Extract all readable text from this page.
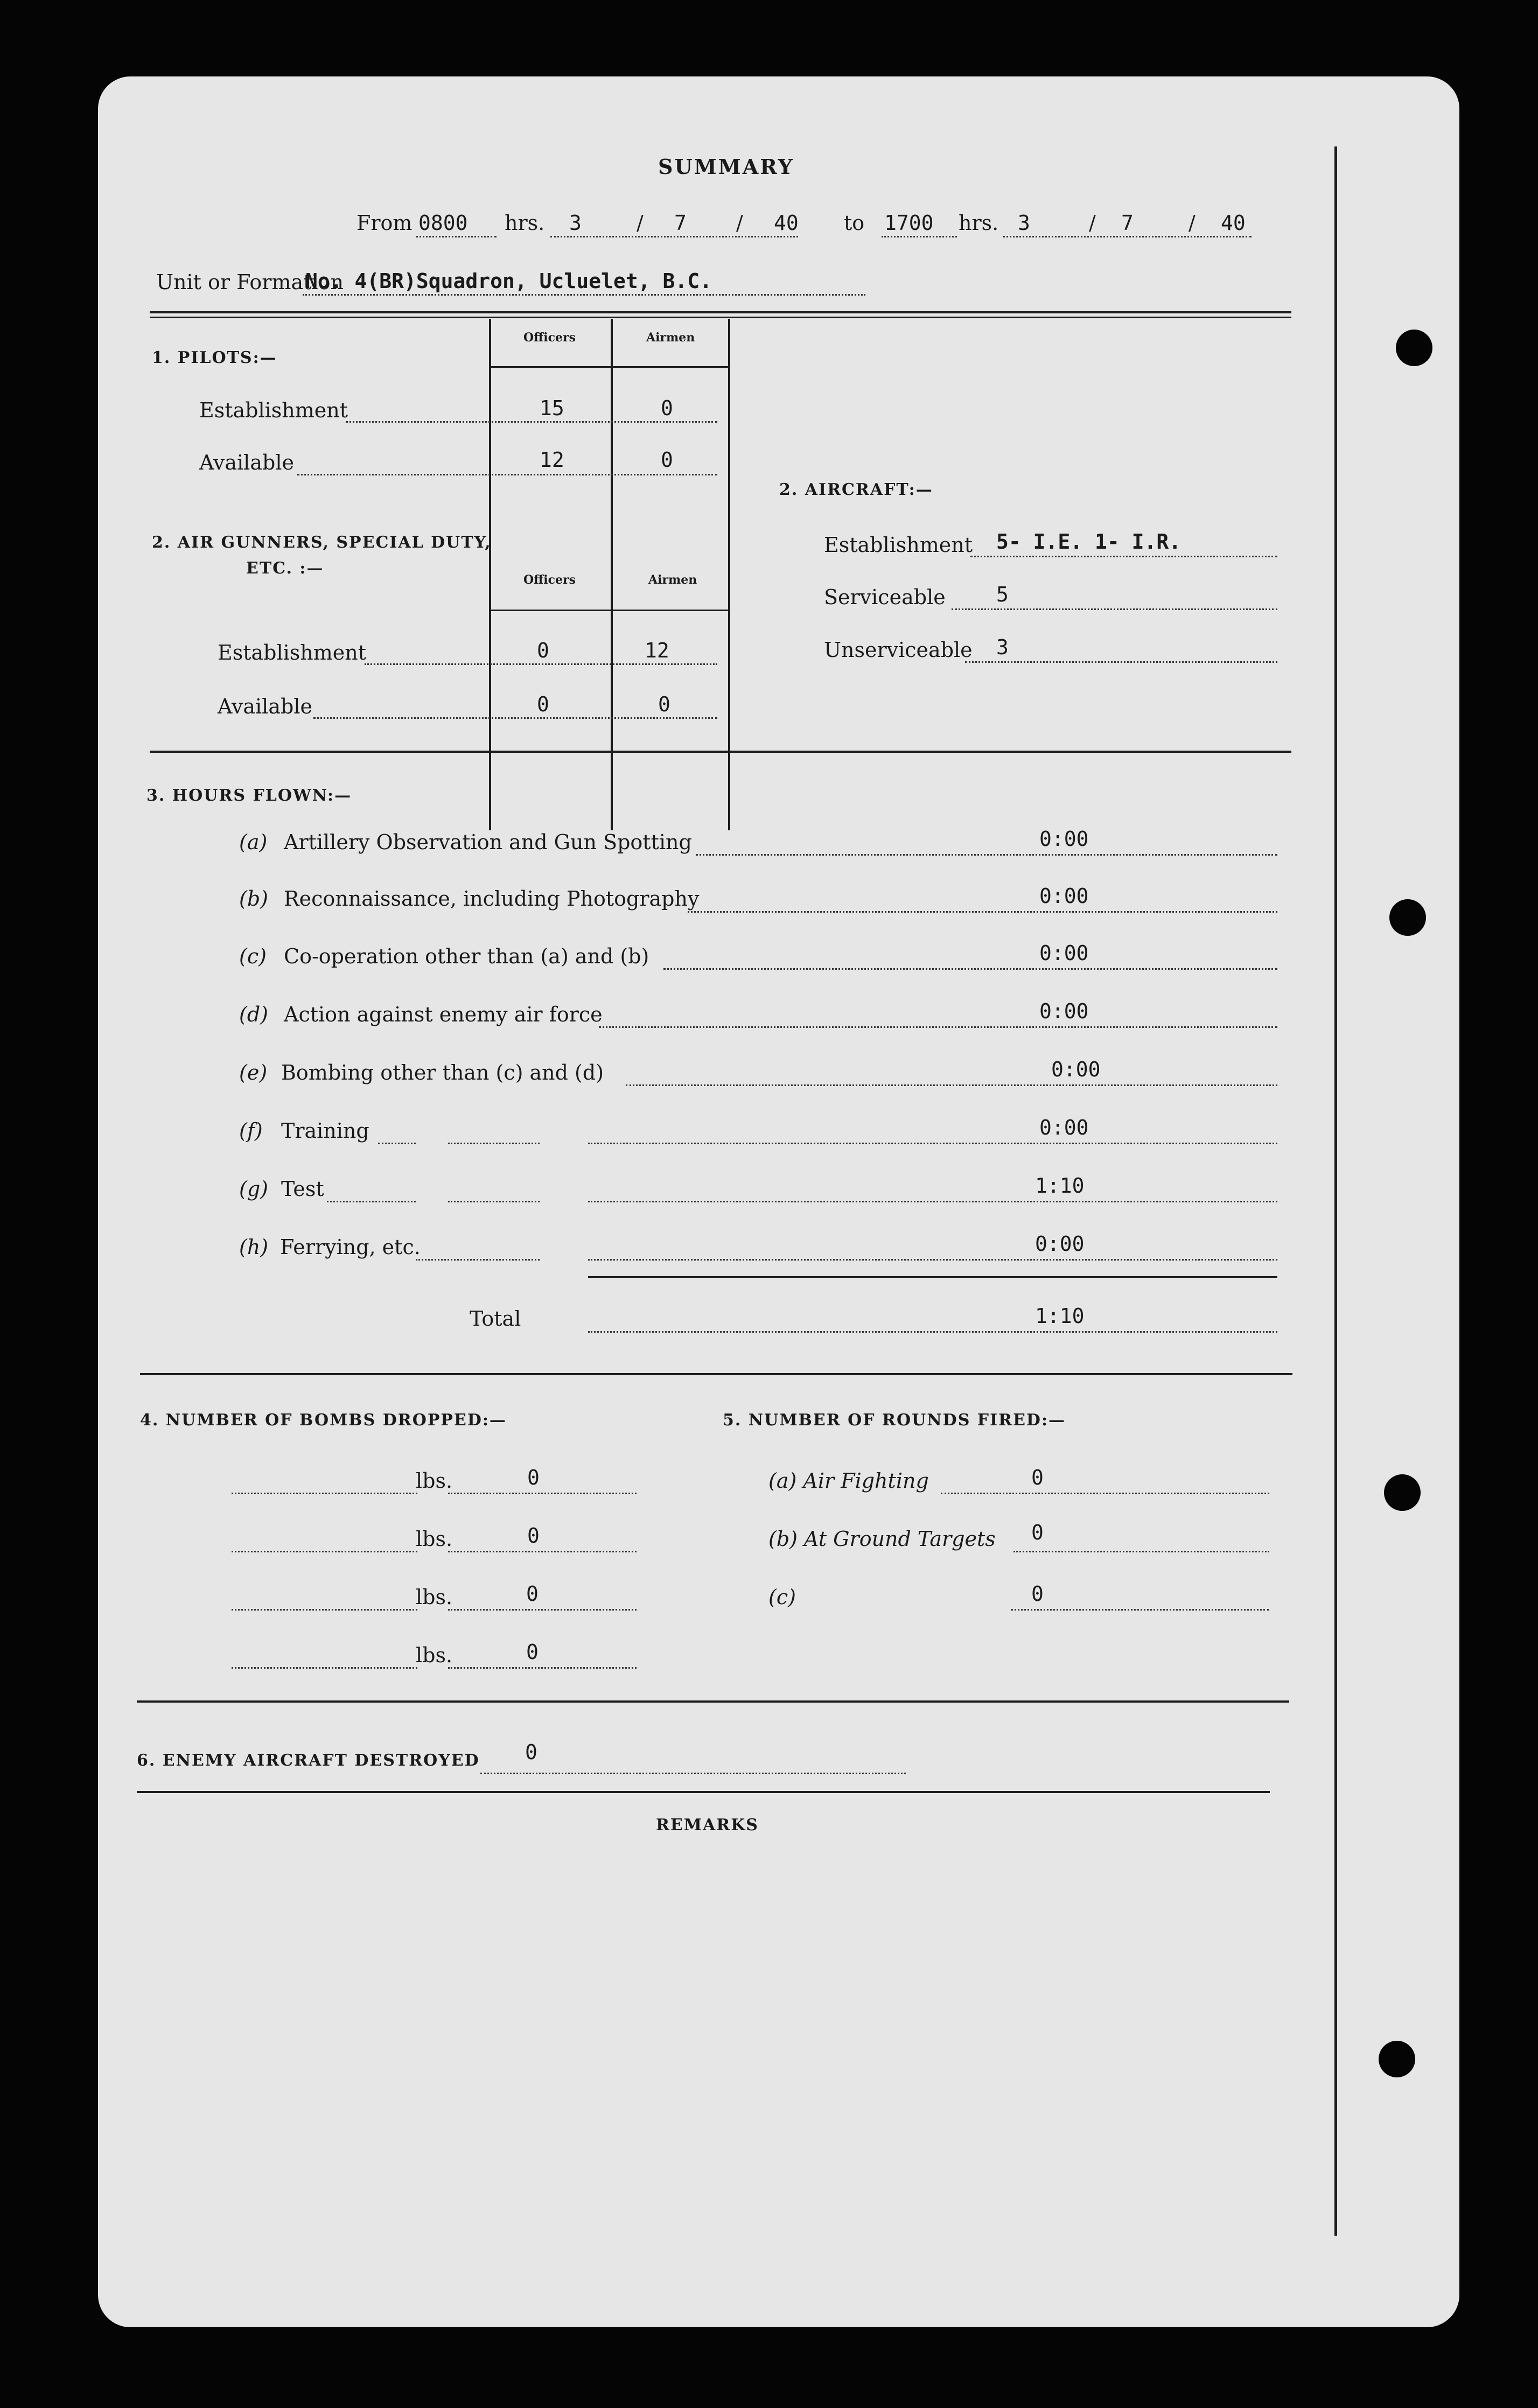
SUMMARY
From 0800 hrs. 3	/ 7 / 40 to 1700 hrs. 3	/ 7	/ 40
Unit or Formation
No. 4(BR)Squadron, Ucluelet, B.C.
1. PILOTS:—
Officers	Airmen
Establishment	15	0
Available	12	0
2. AIR GUNNERS, SPECIAL DUTY,
ETC. :—
Officers	Airmen
Establishment	0	12
Available	0	0
2. AIRCRAFT:—
Establishment 5- I.E. 1- I.R.
Serviceable 5
Unserviceable 3
3. HOURS FLOWN:—
(a) Artillery Observation and Gun Spotting	0:00
(b) Reconnaissance, including Photography	0:00
(c) Co-operation other than (a) and (b)	0:00
(d) Action against enemy air force	0:00
(e) Bombing other than (c) and (d)	0:00
(f) Training	0:00
(g) Test	1:10
(h) Ferrying, etc.	0:00
Total	1:10
4. NUMBER OF BOMBS DROPPED:—
lbs.	0
lbs.	0
lbs.	0
lbs.	0
5. NUMBER OF ROUNDS FIRED:—
(a) Air Fighting	0
(b) At Ground Targets 0
(c)	0
6. ENEMY AIRCRAFT DESTROYED 0
REMARKS
